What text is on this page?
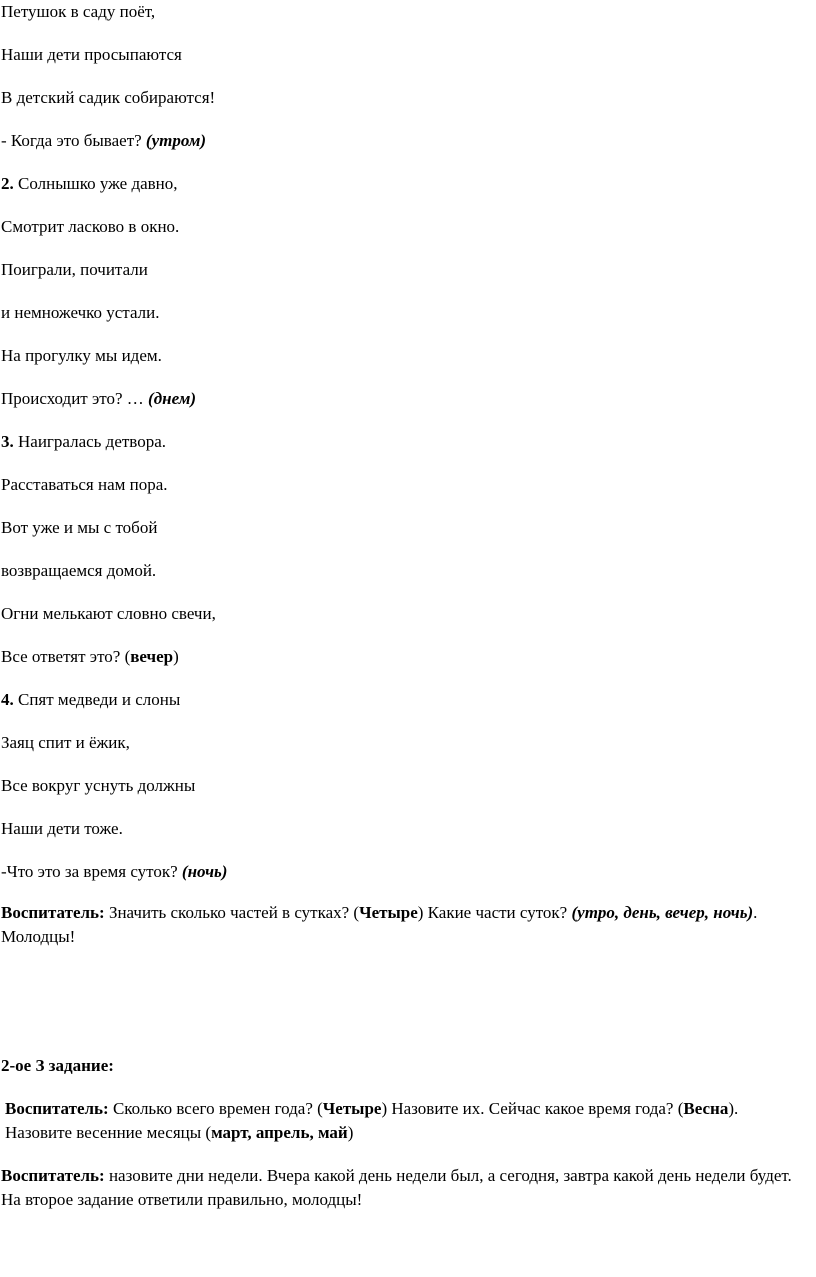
Петушок в саду поёт,
Наши дети просыпаются
В детский садик собираются!
- Когда это бывает? (утром)
2. Солнышко уже давно,
Смотрит ласково в окно.
Поиграли, почитали
и немножечко устали.
На прогулку мы идем.
Происходит это? … (днем)
3. Наигралась детвора.
Расставаться нам пора.
Вот уже и мы с тобой
возвращаемся домой.
Огни мелькают словно свечи,
Все ответят это? (вечер)
4. Спят медведи и слоны
Заяц спит и ёжик,
Все вокруг уснуть должны
Наши дети тоже.
-Что это за время суток? (ночь)
Воспитатель: Значить сколько частей в сутках? (Четыре) Какие части суток? (утро, день, вечер, ночь). Молодцы!
2-ое З задание:
Воспитатель: Сколько всего времен года? (Четыре) Назовите их. Сейчас какое время года? (Весна). Назовите весенние месяцы (март, апрель, май)
Воспитатель: назовите дни недели. Вчера какой день недели был, а сегодня, завтра какой день недели будет. На второе задание ответили правильно, молодцы!
